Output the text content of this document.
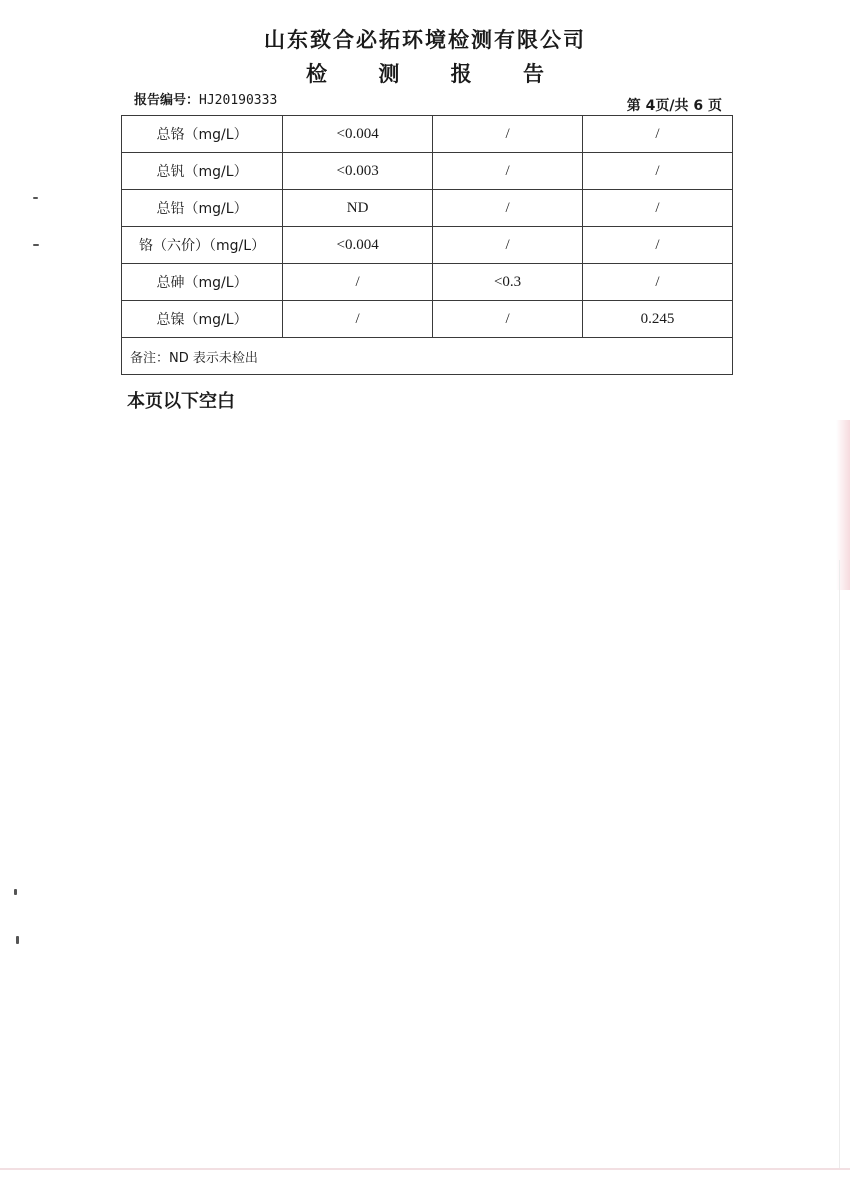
山东致合必拓环境检测有限公司
检 测 报 告
报告编号：HJ20190333	第 4页/共 6 页
总铬（mg/L）	<0.004	/	/
总钒（mg/L）	<0.003	/	/
总铅（mg/L）	ND	/	/
铬（六价）（mg/L）	<0.004	/	/
总砷（mg/L）	/	<0.3	/
总镍（mg/L）	/	/	0.245
备注：ND 表示未检出			
本页以下空白
